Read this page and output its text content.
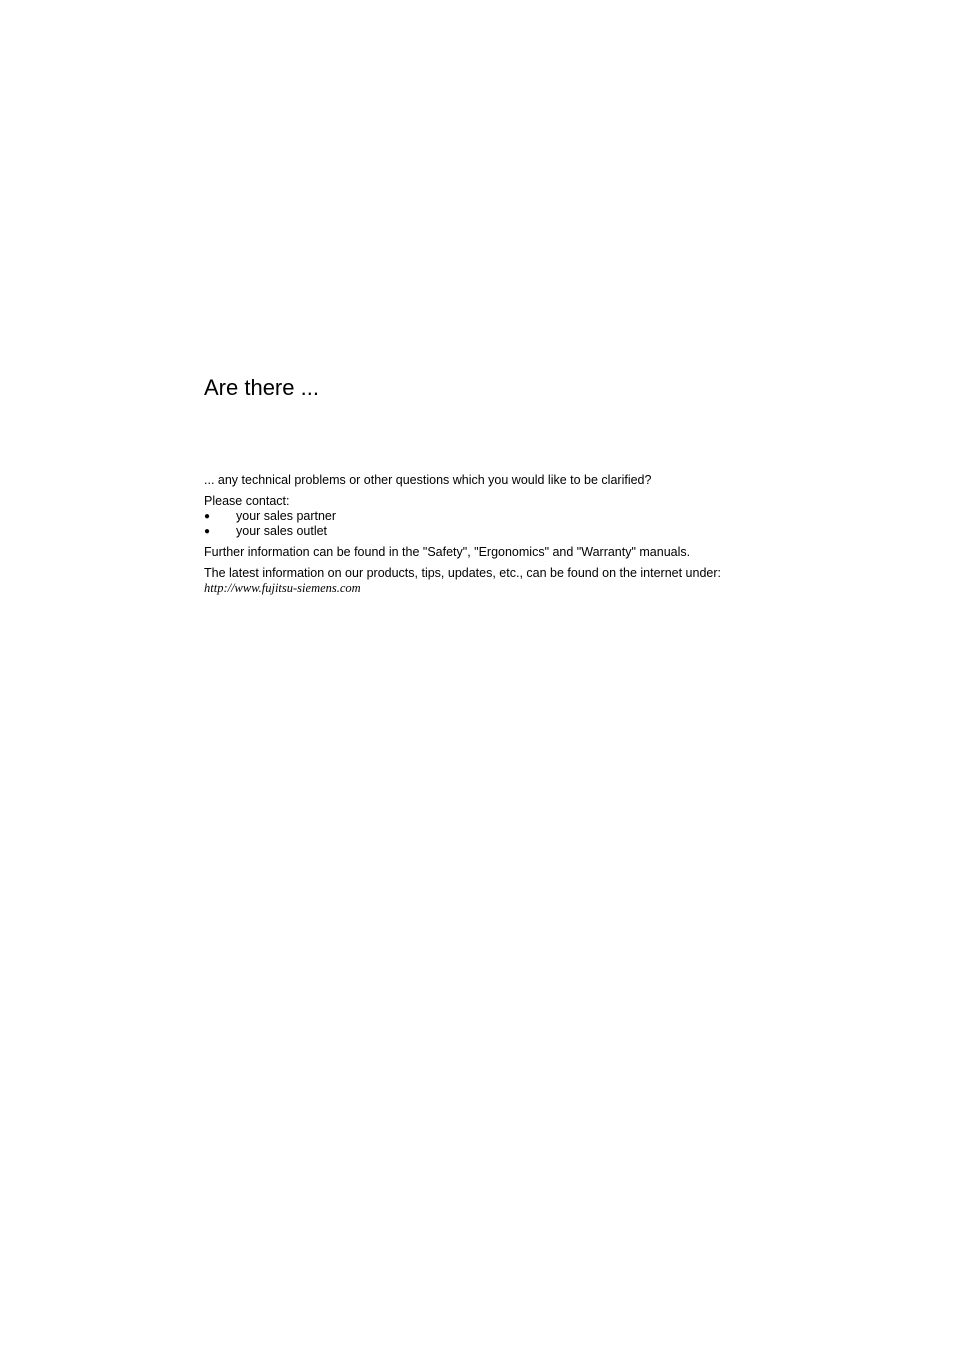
Are there ...

... any technical problems or other questions which you would like to be clarified?

Please contact:

●	your sales partner
●	your sales outlet

Further information can be found in the "Safety", "Ergonomics" and "Warranty" manuals.

The latest information on our products, tips, updates, etc., can be found on the internet under:

http://www.fujitsu-siemens.com
